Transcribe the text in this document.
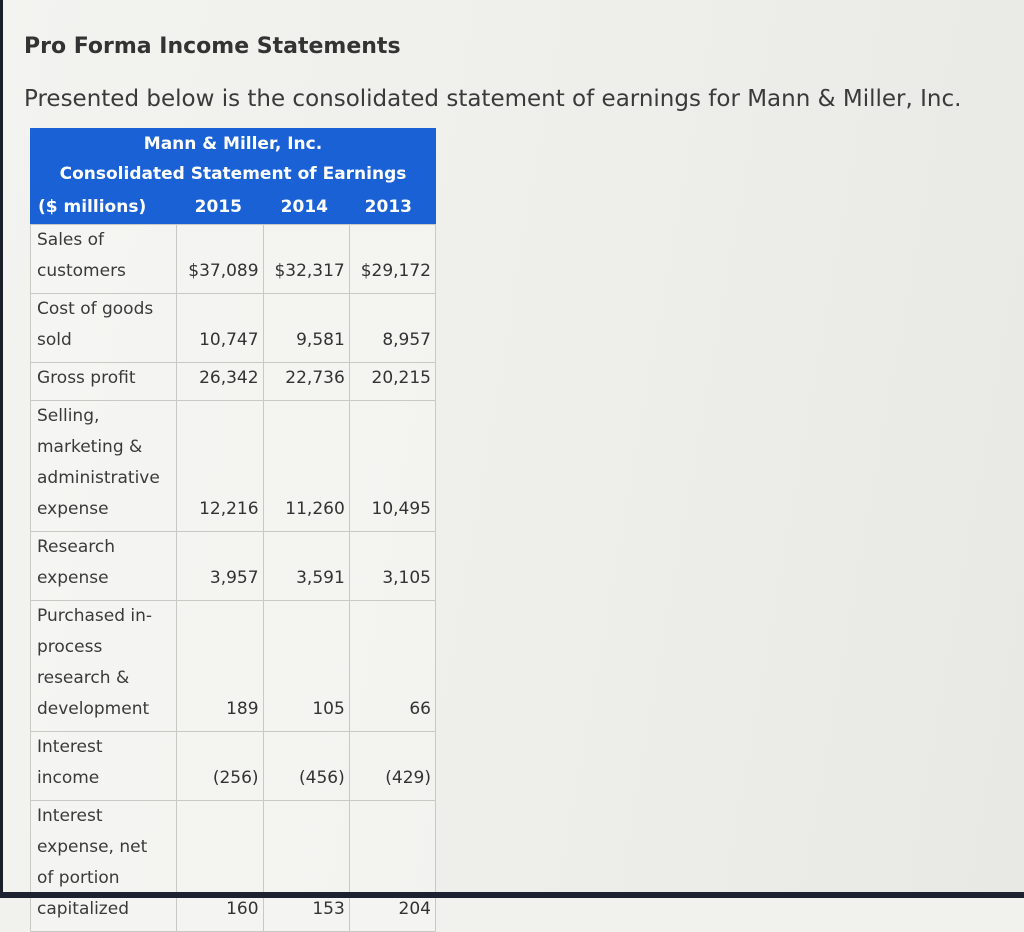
Pro Forma Income Statements
Presented below is the consolidated statement of earnings for Mann & Miller, Inc.
Mann & Miller, Inc.
Consolidated Statement of Earnings
($ millions)	2015	2014	2013
Sales of
customers	$37,089	$32,317	$29,172
Cost of goods
sold	10,747	9,581	8,957
Gross profit	26,342	22,736	20,215
Selling,
marketing &
administrative
expense	12,216	11,260	10,495
Research
expense	3,957	3,591	3,105
Purchased in-
process
research &
development	189	105	66
Interest
income	(256)	(456)	(429)
Interest
expense, net
of portion
capitalized	160	153	204
